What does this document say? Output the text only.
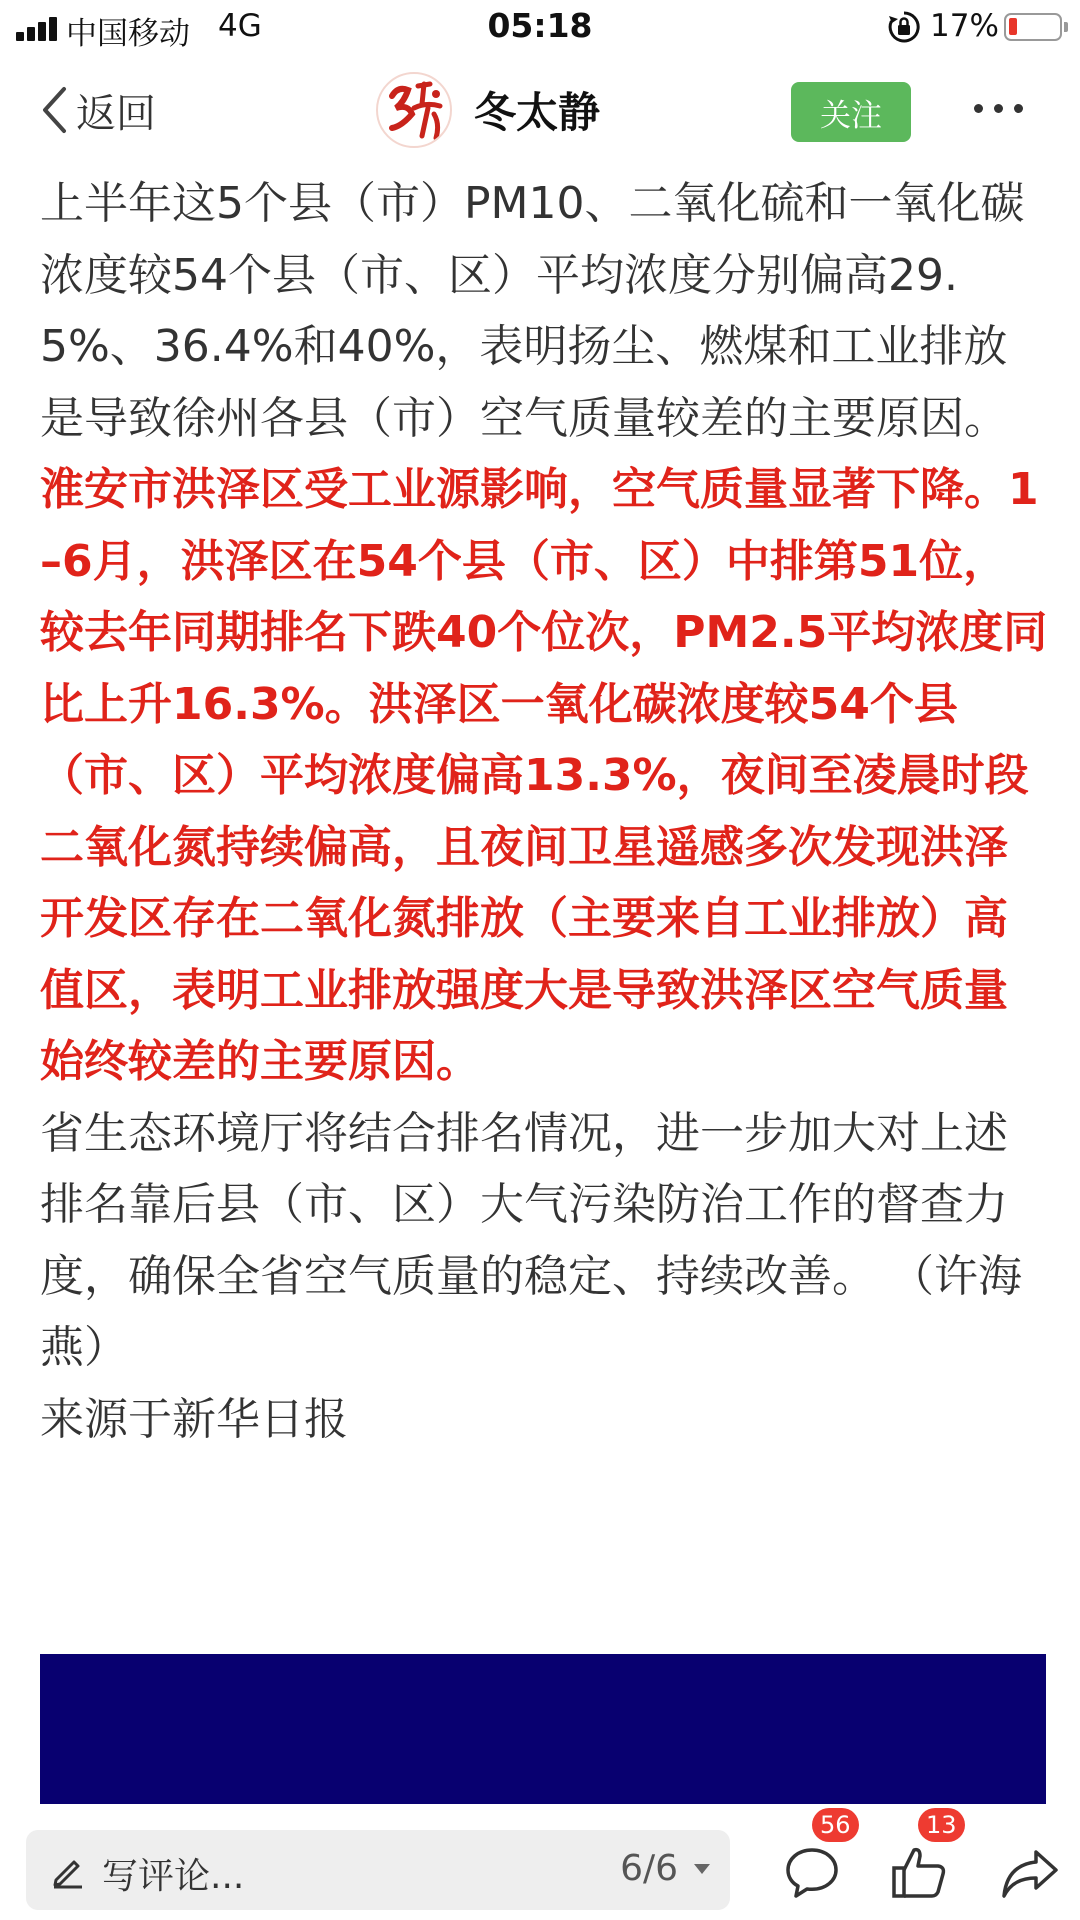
中国移动 4G	05:18	17%
返回	冬太静	关注

上半年这5个县（市）PM10、二氧化硫和一氧化碳浓度较54个县（市、区）平均浓度分别偏高29.5%、36.4%和40%，表明扬尘、燃煤和工业排放是导致徐州各县（市）空气质量较差的主要原因。

淮安市洪泽区受工业源影响，空气质量显著下降。1–6月，洪泽区在54个县（市、区）中排第51位，较去年同期排名下跌40个位次，PM2.5平均浓度同比上升16.3%。洪泽区一氧化碳浓度较54个县（市、区）平均浓度偏高13.3%，夜间至凌晨时段二氧化氮持续偏高，且夜间卫星遥感多次发现洪泽开发区存在二氧化氮排放（主要来自工业排放）高值区，表明工业排放强度大是导致洪泽区空气质量始终较差的主要原因。

省生态环境厅将结合排名情况，进一步加大对上述排名靠后县（市、区）大气污染防治工作的督查力度，确保全省空气质量的稳定、持续改善。 （许海燕）

来源于新华日报

写评论...	6/6
56	13
